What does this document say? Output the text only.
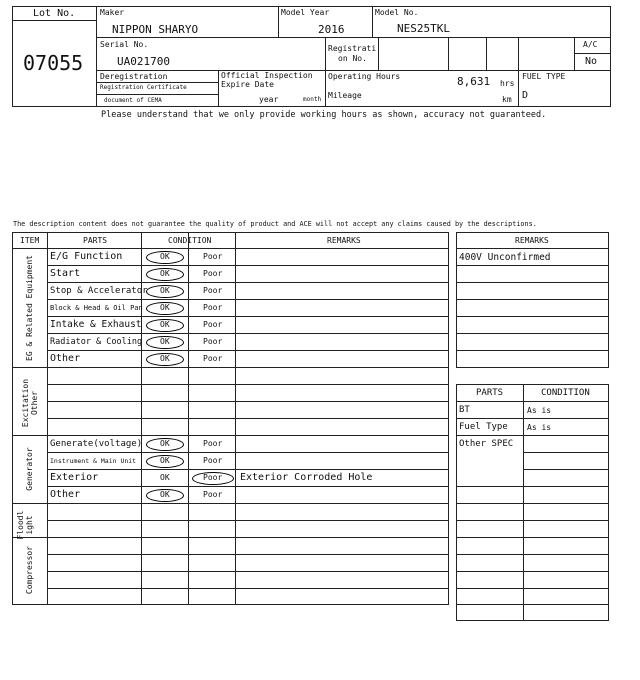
Lot No.
07055
Maker
NIPPON SHARYO
Model Year
2016
Model No.
NES25TKL
Serial No.
UA021700
Registrati
on No.
A/C
No
Deregistration
Registration Certificate
document of CEMA
Official Inspection
Expire Date
year	month
Operating Hours	8,631 hrs
Mileage	km
FUEL TYPE
D
Please understand that we only provide working hours as shown, accuracy not guaranteed.
The description content does not guarantee the quality of product and ACE will not accept any claims caused by the descriptions.
ITEM	PARTS	CONDITION	REMARKS	REMARKS
EG & Related Equipment
Excitation Other
Generator
Floodl ight
Compressor
E/G Function	OK	Poor
Start	OK	Poor
Stop & Accelerator OK	Poor
Block & Head & Oil Pan OK	Poor
Intake & Exhaust OK	Poor
Radiator & Cooling OK	Poor
Other	OK	Poor
Generate(voltage) OK	Poor
Instrument & Main Unit	OK	Poor
Exterior	OK	Poor Exterior Corroded Hole
Other	OK	Poor
400V Unconfirmed
PARTS	CONDITION
BT	As is
Fuel Type As is
Other SPEC
